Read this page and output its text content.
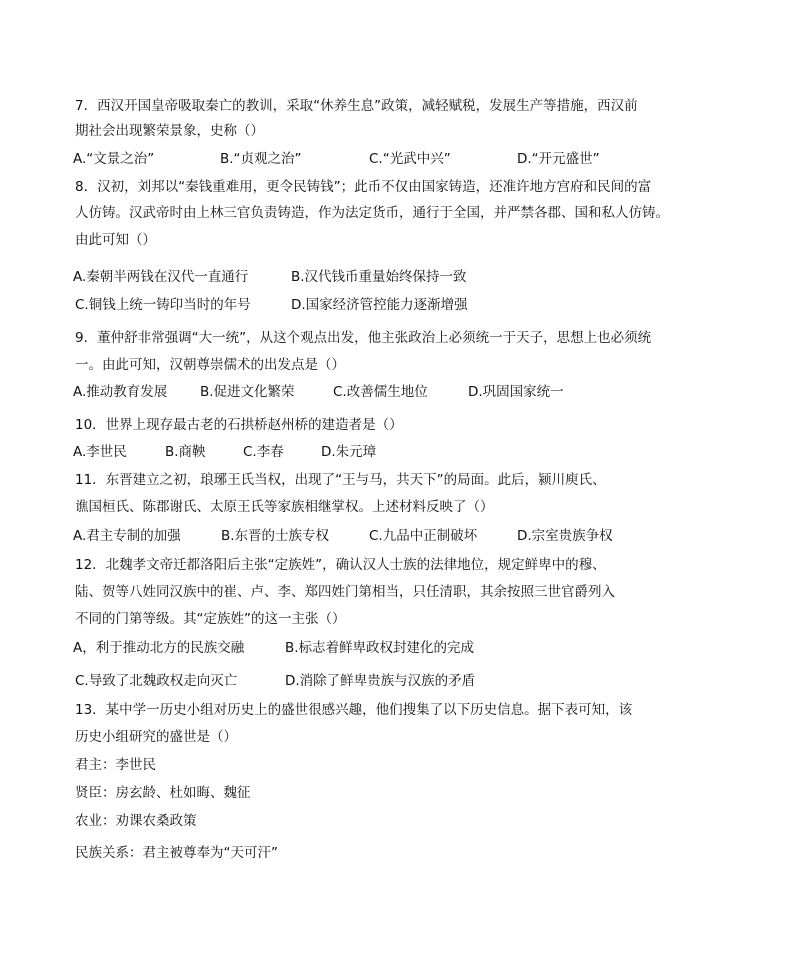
7．西汉开国皇帝吸取秦亡的教训，采取“休养生息”政策，减轻赋税，发展生产等措施，西汉前
期社会出现繁荣景象，史称（）
A.“文景之治”	B.“贞观之治”	C.“光武中兴”	D.“开元盛世”
8．汉初，刘邦以“秦钱重难用，更令民铸钱”；此币不仅由国家铸造，还准许地方宫府和民间的富
人仿铸。汉武帝时由上林三官负责铸造，作为法定货币，通行于全国，并严禁各郡、国和私人仿铸。
由此可知（）
A.秦朝半两钱在汉代一直通行	B.汉代钱币重量始终保持一致
C.铜钱上统一铸印当时的年号	D.国家经济管控能力逐渐增强
9．董仲舒非常强调“大一统”，从这个观点出发，他主张政治上必须统一于天子，思想上也必须统
一。由此可知，汉朝尊崇儒术的出发点是（）
A.推动教育发展 B.促进文化繁荣	C.改善儒生地位	D.巩固国家统一
10．世界上现存最古老的石拱桥赵州桥的建造者是（）
A.李世民	B.商鞅	C.李春	D.朱元璋
11．东晋建立之初，琅琊王氏当权，出现了“王与马，共天下”的局面。此后，颍川庾氏、
谯国桓氏、陈郡谢氏、太原王氏等家族相继掌权。上述材料反映了（）
A.君主专制的加强	B.东晋的士族专权	C.九品中正制破坏	D.宗室贵族争权
12．北魏孝文帝迁都洛阳后主张“定族姓”，确认汉人士族的法律地位，规定鲜卑中的穆、
陆、贺等八姓同汉族中的崔、卢、李、郑四姓门第相当，只任清职，其余按照三世官爵列入
不同的门第等级。其“定族姓”的这一主张（）
A，利于推动北方的民族交融	B.标志着鲜卑政权封建化的完成
C.导致了北魏政权走向灭亡	D.消除了鲜卑贵族与汉族的矛盾
13．某中学一历史小组对历史上的盛世很感兴趣，他们搜集了以下历史信息。据下表可知，该
历史小组研究的盛世是（）
君主：李世民
贤臣：房玄龄、杜如晦、魏征
农业：劝课农桑政策
民族关系：君主被尊奉为“天可汗”
